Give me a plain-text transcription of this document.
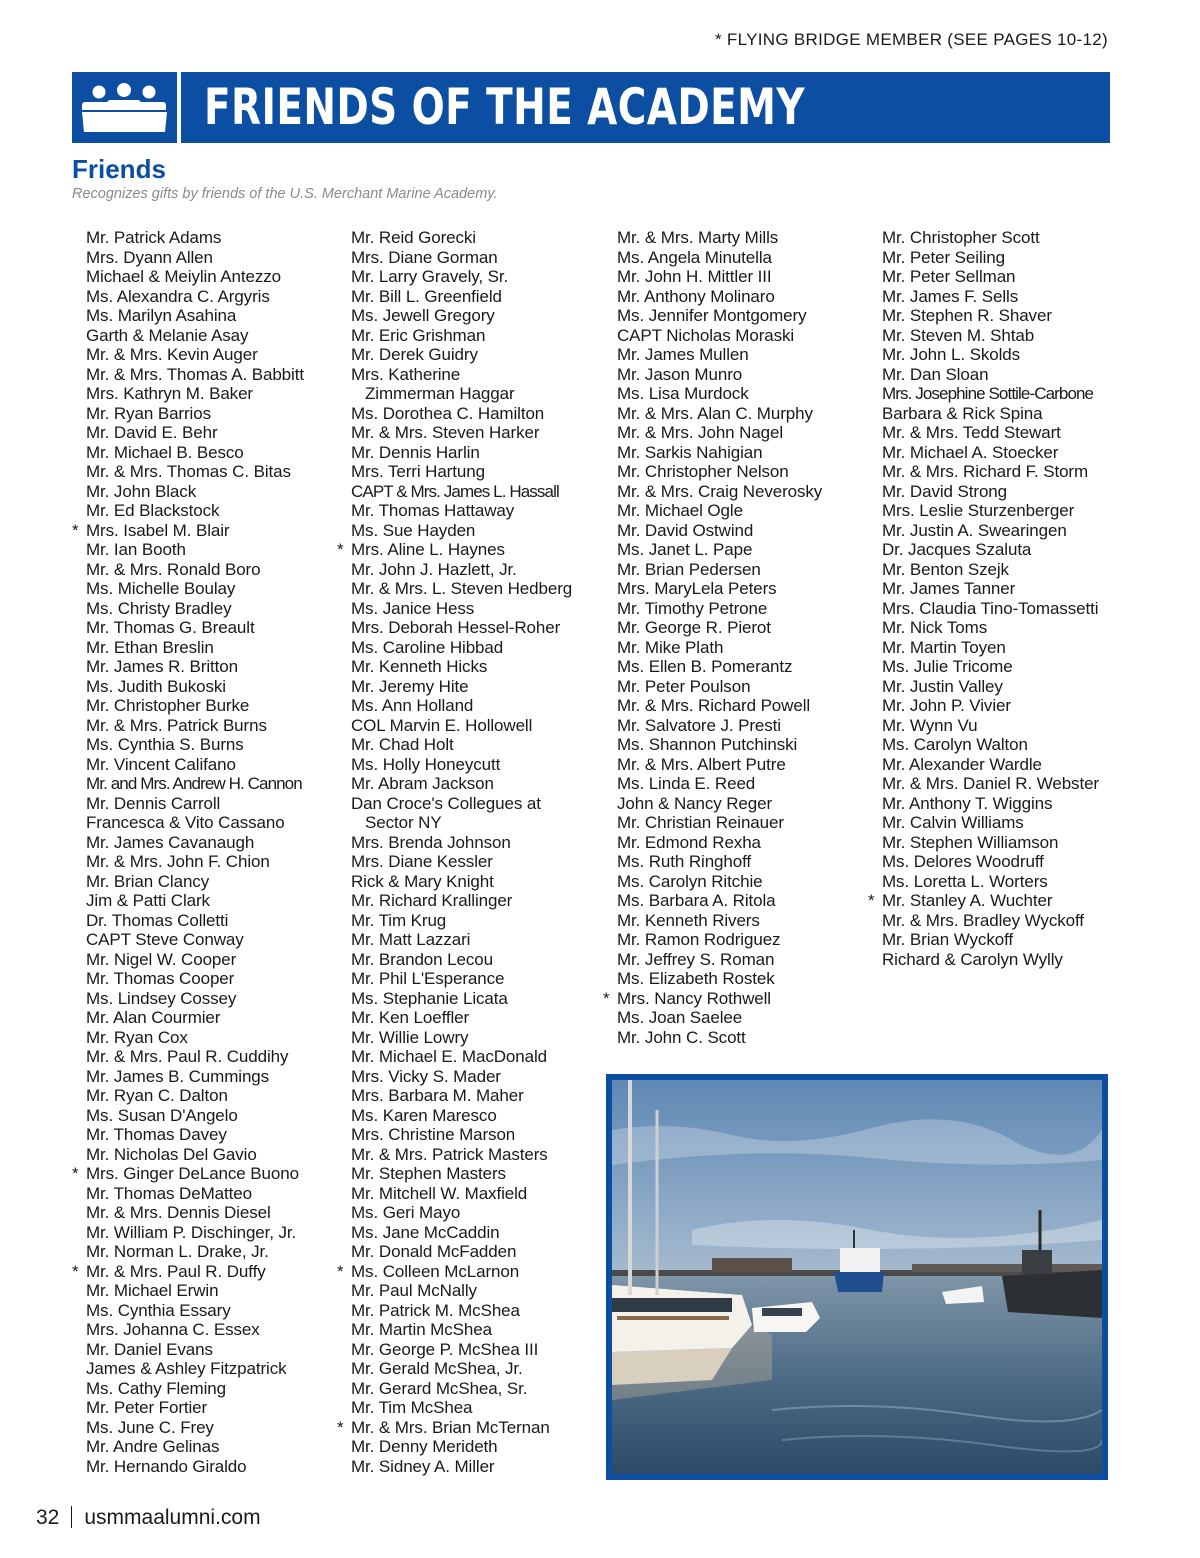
* FLYING BRIDGE MEMBER (SEE PAGES 10-12)
FRIENDS OF THE ACADEMY
Friends
Recognizes gifts by friends of the U.S. Merchant Marine Academy.
Mr. Patrick Adams
Mrs. Dyann Allen
Michael & Meiylin Antezzo
Ms. Alexandra C. Argyris
Ms. Marilyn Asahina
Garth & Melanie Asay
Mr. & Mrs. Kevin Auger
Mr. & Mrs. Thomas A. Babbitt
Mrs. Kathryn M. Baker
Mr. Ryan Barrios
Mr. David E. Behr
Mr. Michael B. Besco
Mr. & Mrs. Thomas C. Bitas
Mr. John Black
Mr. Ed Blackstock
* Mrs. Isabel M. Blair
Mr. Ian Booth
Mr. & Mrs. Ronald Boro
Ms. Michelle Boulay
Ms. Christy Bradley
Mr. Thomas G. Breault
Mr. Ethan Breslin
Mr. James R. Britton
Ms. Judith Bukoski
Mr. Christopher Burke
Mr. & Mrs. Patrick Burns
Ms. Cynthia S. Burns
Mr. Vincent Califano
Mr. and Mrs. Andrew H. Cannon
Mr. Dennis Carroll
Francesca & Vito Cassano
Mr. James Cavanaugh
Mr. & Mrs. John F. Chion
Mr. Brian Clancy
Jim & Patti Clark
Dr. Thomas Colletti
CAPT Steve Conway
Mr. Nigel W. Cooper
Mr. Thomas Cooper
Ms. Lindsey Cossey
Mr. Alan Courmier
Mr. Ryan Cox
Mr. & Mrs. Paul R. Cuddihy
Mr. James B. Cummings
Mr. Ryan C. Dalton
Ms. Susan D'Angelo
Mr. Thomas Davey
Mr. Nicholas Del Gavio
* Mrs. Ginger DeLance Buono
Mr. Thomas DeMatteo
Mr. & Mrs. Dennis Diesel
Mr. William P. Dischinger, Jr.
Mr. Norman L. Drake, Jr.
* Mr. & Mrs. Paul R. Duffy
Mr. Michael Erwin
Ms. Cynthia Essary
Mrs. Johanna C. Essex
Mr. Daniel Evans
James & Ashley Fitzpatrick
Ms. Cathy Fleming
Mr. Peter Fortier
Ms. June C. Frey
Mr. Andre Gelinas
Mr. Hernando Giraldo
Mr. Reid Gorecki
Mrs. Diane Gorman
Mr. Larry Gravely, Sr.
Mr. Bill L. Greenfield
Ms. Jewell Gregory
Mr. Eric Grishman
Mr. Derek Guidry
Mrs. Katherine
Zimmerman Haggar
Ms. Dorothea C. Hamilton
Mr. & Mrs. Steven Harker
Mr. Dennis Harlin
Mrs. Terri Hartung
CAPT & Mrs. James L. Hassall
Mr. Thomas Hattaway
Ms. Sue Hayden
* Mrs. Aline L. Haynes
Mr. John J. Hazlett, Jr.
Mr. & Mrs. L. Steven Hedberg
Ms. Janice Hess
Mrs. Deborah Hessel-Roher
Ms. Caroline Hibbad
Mr. Kenneth Hicks
Mr. Jeremy Hite
Ms. Ann Holland
COL Marvin E. Hollowell
Mr. Chad Holt
Ms. Holly Honeycutt
Mr. Abram Jackson
Dan Croce's Collegues at
Sector NY
Mrs. Brenda Johnson
Mrs. Diane Kessler
Rick & Mary Knight
Mr. Richard Krallinger
Mr. Tim Krug
Mr. Matt Lazzari
Mr. Brandon Lecou
Mr. Phil L'Esperance
Ms. Stephanie Licata
Mr. Ken Loeffler
Mr. Willie Lowry
Mr. Michael E. MacDonald
Mrs. Vicky S. Mader
Mrs. Barbara M. Maher
Ms. Karen Maresco
Mrs. Christine Marson
Mr. & Mrs. Patrick Masters
Mr. Stephen Masters
Mr. Mitchell W. Maxfield
Ms. Geri Mayo
Ms. Jane McCaddin
Mr. Donald McFadden
* Ms. Colleen McLarnon
Mr. Paul McNally
Mr. Patrick M. McShea
Mr. Martin McShea
Mr. George P. McShea III
Mr. Gerald McShea, Jr.
Mr. Gerard McShea, Sr.
Mr. Tim McShea
* Mr. & Mrs. Brian McTernan
Mr. Denny Merideth
Mr. Sidney A. Miller
Mr. & Mrs. Marty Mills
Ms. Angela Minutella
Mr. John H. Mittler III
Mr. Anthony Molinaro
Ms. Jennifer Montgomery
CAPT Nicholas Moraski
Mr. James Mullen
Mr. Jason Munro
Ms. Lisa Murdock
Mr. & Mrs. Alan C. Murphy
Mr. & Mrs. John Nagel
Mr. Sarkis Nahigian
Mr. Christopher Nelson
Mr. & Mrs. Craig Neverosky
Mr. Michael Ogle
Mr. David Ostwind
Ms. Janet L. Pape
Mr. Brian Pedersen
Mrs. MaryLela Peters
Mr. Timothy Petrone
Mr. George R. Pierot
Mr. Mike Plath
Ms. Ellen B. Pomerantz
Mr. Peter Poulson
Mr. & Mrs. Richard Powell
Mr. Salvatore J. Presti
Ms. Shannon Putchinski
Mr. & Mrs. Albert Putre
Ms. Linda E. Reed
John & Nancy Reger
Mr. Christian Reinauer
Mr. Edmond Rexha
Ms. Ruth Ringhoff
Ms. Carolyn Ritchie
Ms. Barbara A. Ritola
Mr. Kenneth Rivers
Mr. Ramon Rodriguez
Mr. Jeffrey S. Roman
Ms. Elizabeth Rostek
* Mrs. Nancy Rothwell
Ms. Joan Saelee
Mr. John C. Scott
Mr. Christopher Scott
Mr. Peter Seiling
Mr. Peter Sellman
Mr. James F. Sells
Mr. Stephen R. Shaver
Mr. Steven M. Shtab
Mr. John L. Skolds
Mr. Dan Sloan
Mrs. Josephine Sottile-Carbone
Barbara & Rick Spina
Mr. & Mrs. Tedd Stewart
Mr. Michael A. Stoecker
Mr. & Mrs. Richard F. Storm
Mr. David Strong
Mrs. Leslie Sturzenberger
Mr. Justin A. Swearingen
Dr. Jacques Szaluta
Mr. Benton Szejk
Mr. James Tanner
Mrs. Claudia Tino-Tomassetti
Mr. Nick Toms
Mr. Martin Toyen
Ms. Julie Tricome
Mr. Justin Valley
Mr. John P. Vivier
Mr. Wynn Vu
Ms. Carolyn Walton
Mr. Alexander Wardle
Mr. & Mrs. Daniel R. Webster
Mr. Anthony T. Wiggins
Mr. Calvin Williams
Mr. Stephen Williamson
Ms. Delores Woodruff
Ms. Loretta L. Worters
* Mr. Stanley A. Wuchter
Mr. & Mrs. Bradley Wyckoff
Mr. Brian Wyckoff
Richard & Carolyn Wylly
32 usmmaalumni.com
